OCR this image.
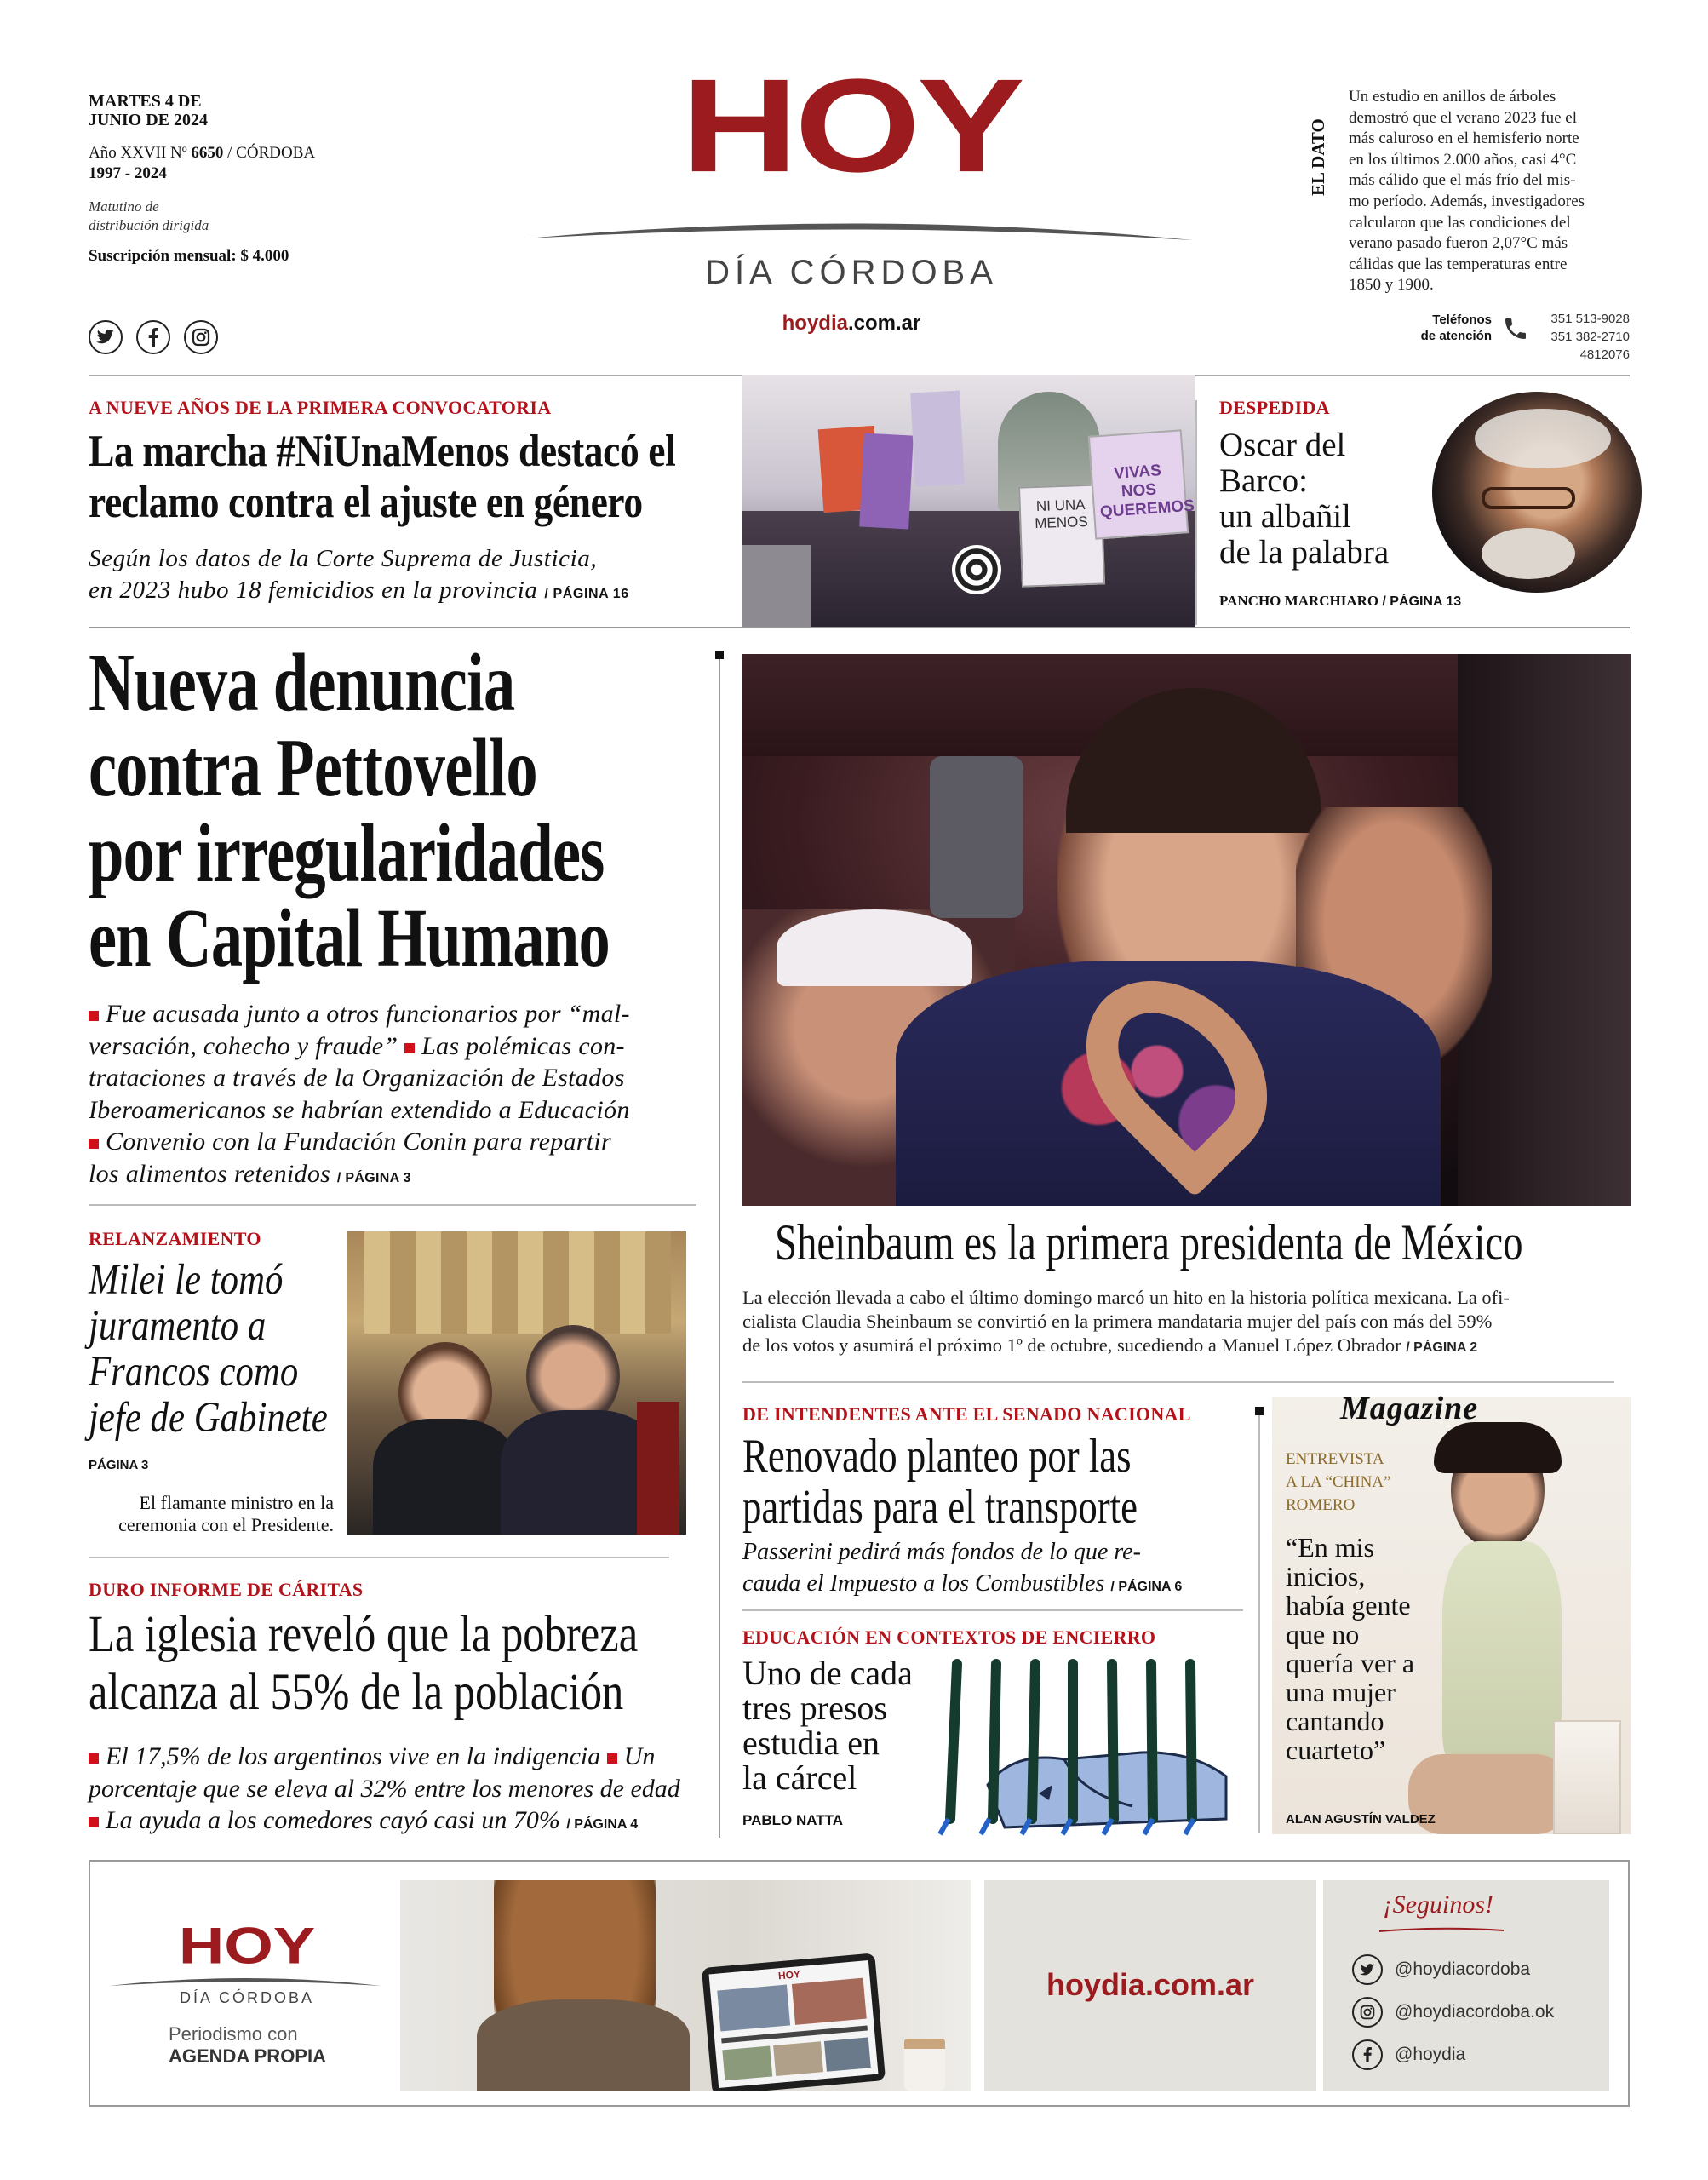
MARTES 4 DE
JUNIO DE 2024
Año XXVII Nº 6650 / CÓRDOBA
1997 - 2024
Matutino de
distribución dirigida
Suscripción mensual: $ 4.000
HOY
DÍA CÓRDOBA
hoydia.com.ar
EL DATO
Un estudio en anillos de árboles
demostró que el verano 2023 fue el
más caluroso en el hemisferio norte
en los últimos 2.000 años, casi 4°C
más cálido que el más frío del mis-
mo período. Además, investigadores
calcularon que las condiciones del
verano pasado fueron 2,07°C más
cálidas que las temperaturas entre
1850 y 1900.
Teléfonos
de atención
351 513-9028
351 382-2710
4812076
A NUEVE AÑOS DE LA PRIMERA CONVOCATORIA
La marcha #NiUnaMenos destacó el
reclamo contra el ajuste en género
Según los datos de la Corte Suprema de Justicia,
en 2023 hubo 18 femicidios en la provincia / PÁGINA 16
NI UNA MENOS
VIVAS NOS QUEREMOS
DESPEDIDA
Oscar del
Barco:
un albañil
de la palabra
PANCHO MARCHIARO / PÁGINA 13
Nueva denuncia
contra Pettovello
por irregularidades
en Capital Humano
Fue acusada junto a otros funcionarios por “mal-
versación, cohecho y fraude” Las polémicas con-
trataciones a través de la Organización de Estados
Iberoamericanos se habrían extendido a Educación
Convenio con la Fundación Conin para repartir
los alimentos retenidos / PÁGINA 3
Sheinbaum es la primera presidenta de México
La elección llevada a cabo el último domingo marcó un hito en la historia política mexicana. La ofi-
cialista Claudia Sheinbaum se convirtió en la primera mandataria mujer del país con más del 59%
de los votos y asumirá el próximo 1º de octubre, sucediendo a Manuel López Obrador / PÁGINA 2
RELANZAMIENTO
Milei le tomó
juramento a
Francos como
jefe de Gabinete
PÁGINA 3
El flamante ministro en la
ceremonia con el Presidente.
DURO INFORME DE CÁRITAS
La iglesia reveló que la pobreza
alcanza al 55% de la población
El 17,5% de los argentinos vive en la indigencia Un
porcentaje que se eleva al 32% entre los menores de edad
La ayuda a los comedores cayó casi un 70% / PÁGINA 4
DE INTENDENTES ANTE EL SENADO NACIONAL
Renovado planteo por las
partidas para el transporte
Passerini pedirá más fondos de lo que re-
cauda el Impuesto a los Combustibles / PÁGINA 6
EDUCACIÓN EN CONTEXTOS DE ENCIERRO
Uno de cada
tres presos
estudia en
la cárcel
PABLO NATTA
Magazine
ENTREVISTA
A LA “CHINA”
ROMERO
“En mis
inicios,
había gente
que no
quería ver a
una mujer
cantando
cuarteto”
ALAN AGUSTÍN VALDEZ
HOY
DÍA CÓRDOBA
Periodismo con
AGENDA PROPIA
HOY	hoydia.com.ar
¡Seguinos!
@hoydiacordoba
@hoydiacordoba.ok
@hoydia
